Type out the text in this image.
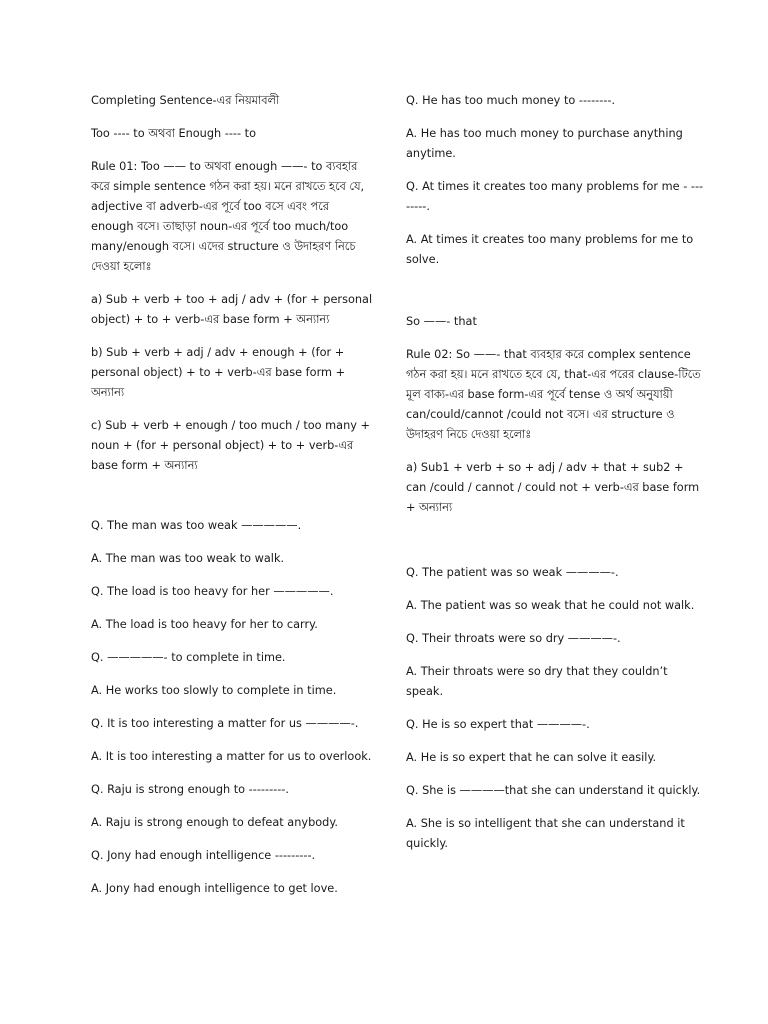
Completing Sentence-এর নিয়মাবলী

Too ---- to অথবা Enough ---- to

Rule 01: Too —— to অথবা enough ——- to ব্যবহার করে simple sentence গঠন করা হয়। মনে রাখতে হবে যে, adjective বা adverb-এর পূর্বে too বসে এবং পরে enough বসে। তাছাড়া noun-এর পূর্বে too much/too many/enough বসে। এদের structure ও উদাহরণ নিচে দেওয়া হলোঃ

a) Sub + verb + too + adj / adv + (for + personal object) + to + verb-এর base form + অন্যান্য

b) Sub + verb + adj / adv + enough + (for + personal object) + to + verb-এর base form + অন্যান্য

c) Sub + verb + enough / too much / too many + noun + (for + personal object) + to + verb-এর base form + অন্যান্য

Q. The man was too weak —————.

A. The man was too weak to walk.

Q. The load is too heavy for her —————.

A. The load is too heavy for her to carry.

Q. —————- to complete in time.

A. He works too slowly to complete in time.

Q. It is too interesting a matter for us ————-.

A. It is too interesting a matter for us to overlook.

Q. Raju is strong enough to ---------.

A. Raju is strong enough to defeat anybody.

Q. Jony had enough intelligence ---------.

A. Jony had enough intelligence to get love.

Q. He has too much money to --------.

A. He has too much money to purchase anything anytime.

Q. At times it creates too many problems for me - --------.

A. At times it creates too many problems for me to solve.

So ——- that

Rule 02: So ——- that ব্যবহার করে complex sentence গঠন করা হয়। মনে রাখতে হবে যে, that-এর পরের clause-টিতে মূল বাক্য-এর base form-এর পূর্বে tense ও অর্থ অনুযায়ী can/could/cannot /could not বসে। এর structure ও উদাহরণ নিচে দেওয়া হলোঃ

a) Sub1 + verb + so + adj / adv + that + sub2 + can /could / cannot / could not + verb-এর base form + অন্যান্য

Q. The patient was so weak ————-.

A. The patient was so weak that he could not walk.

Q. Their throats were so dry ————-.

A. Their throats were so dry that they couldn’t speak.

Q. He is so expert that ————-.

A. He is so expert that he can solve it easily.

Q. She is ————that she can understand it quickly.

A. She is so intelligent that she can understand it quickly.
